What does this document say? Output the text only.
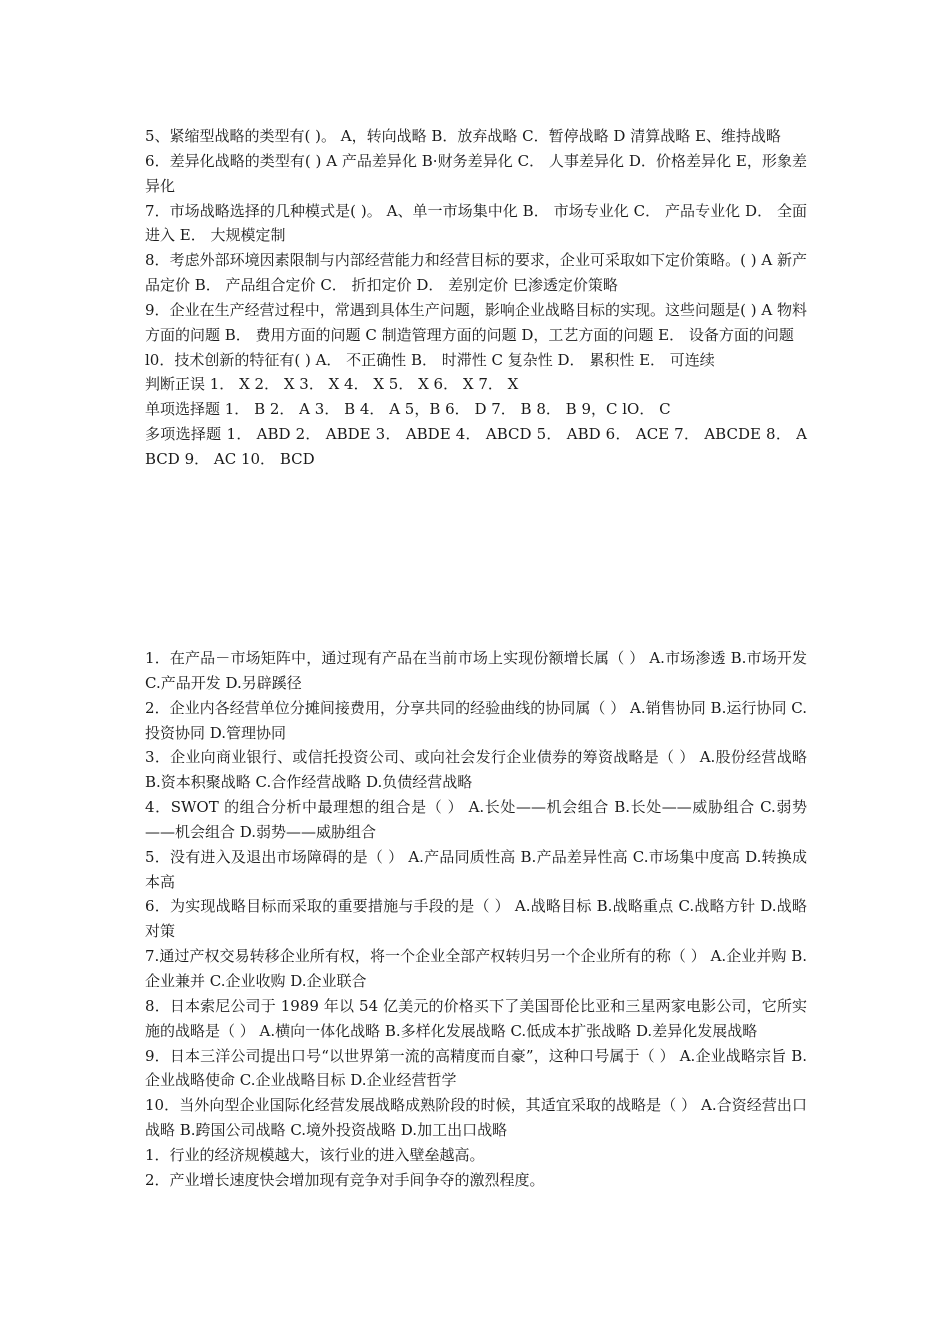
5、紧缩型战略的类型有( )。 A，转向战略 B．放弃战略 C．暂停战略 D 清算战略 E、维持战略

6．差异化战略的类型有( ) A 产品差异化 B·财务差异化 C． 人事差异化 D．价格差异化 E，形象差异化

7．市场战略选择的几种模式是( )。 A、单一市场集中化 B． 市场专业化 C． 产品专业化 D． 全面进入 E． 大规模定制

8．考虑外部环境因素限制与内部经营能力和经营目标的要求，企业可采取如下定价策略。( ) A 新产品定价 B． 产品组合定价 C． 折扣定价 D． 差别定价 巳渗透定价策略

9．企业在生产经营过程中，常遇到具体生产问题，影响企业战略目标的实现。这些问题是( ) A 物料方面的问题 B． 费用方面的问题 C 制造管理方面的问题 D，工艺方面的问题 E． 设备方面的问题

l0．技术创新的特征有( ) A． 不正确性 B． 时滞性 C 复杂性 D． 累积性 E． 可连续

判断正误 1． X 2． X 3． X 4． X 5． X 6． X 7． X

单项选择题 1． B 2． A 3． B 4． A 5，B 6． D 7． B 8． B 9，C lO． C

多项选择题 1． ABD 2． ABDE 3． ABDE 4． ABCD 5． ABD 6． ACE 7． ABCDE 8． ABCD 9． AC 10． BCD

1．在产品－市场矩阵中，通过现有产品在当前市场上实现份额增长属（ ） A.市场渗透 B.市场开发 C.产品开发 D.另辟蹊径

2．企业内各经营单位分摊间接费用，分享共同的经验曲线的协同属（ ） A.销售协同 B.运行协同 C.投资协同 D.管理协同

3．企业向商业银行、或信托投资公司、或向社会发行企业债券的筹资战略是（ ） A.股份经营战略 B.资本积聚战略 C.合作经营战略 D.负债经营战略

4．SWOT 的组合分析中最理想的组合是（ ） A.长处——机会组合 B.长处——威胁组合 C.弱势——机会组合 D.弱势——威胁组合

5．没有进入及退出市场障碍的是（ ） A.产品同质性高 B.产品差异性高 C.市场集中度高 D.转换成本高

6．为实现战略目标而采取的重要措施与手段的是（ ） A.战略目标 B.战略重点 C.战略方针 D.战略对策

7.通过产权交易转移企业所有权，将一个企业全部产权转归另一个企业所有的称（ ） A.企业并购 B.企业兼并 C.企业收购 D.企业联合

8．日本索尼公司于 1989 年以 54 亿美元的价格买下了美国哥伦比亚和三星两家电影公司，它所实施的战略是（ ） A.横向一体化战略 B.多样化发展战略 C.低成本扩张战略 D.差异化发展战略

9．日本三洋公司提出口号“以世界第一流的高精度而自豪”，这种口号属于（ ） A.企业战略宗旨 B.企业战略使命 C.企业战略目标 D.企业经营哲学

10．当外向型企业国际化经营发展战略成熟阶段的时候，其适宜采取的战略是（ ） A.合资经营出口战略 B.跨国公司战略 C.境外投资战略 D.加工出口战略

1．行业的经济规模越大，该行业的进入壁垒越高。

2．产业增长速度快会增加现有竞争对手间争夺的激烈程度。
